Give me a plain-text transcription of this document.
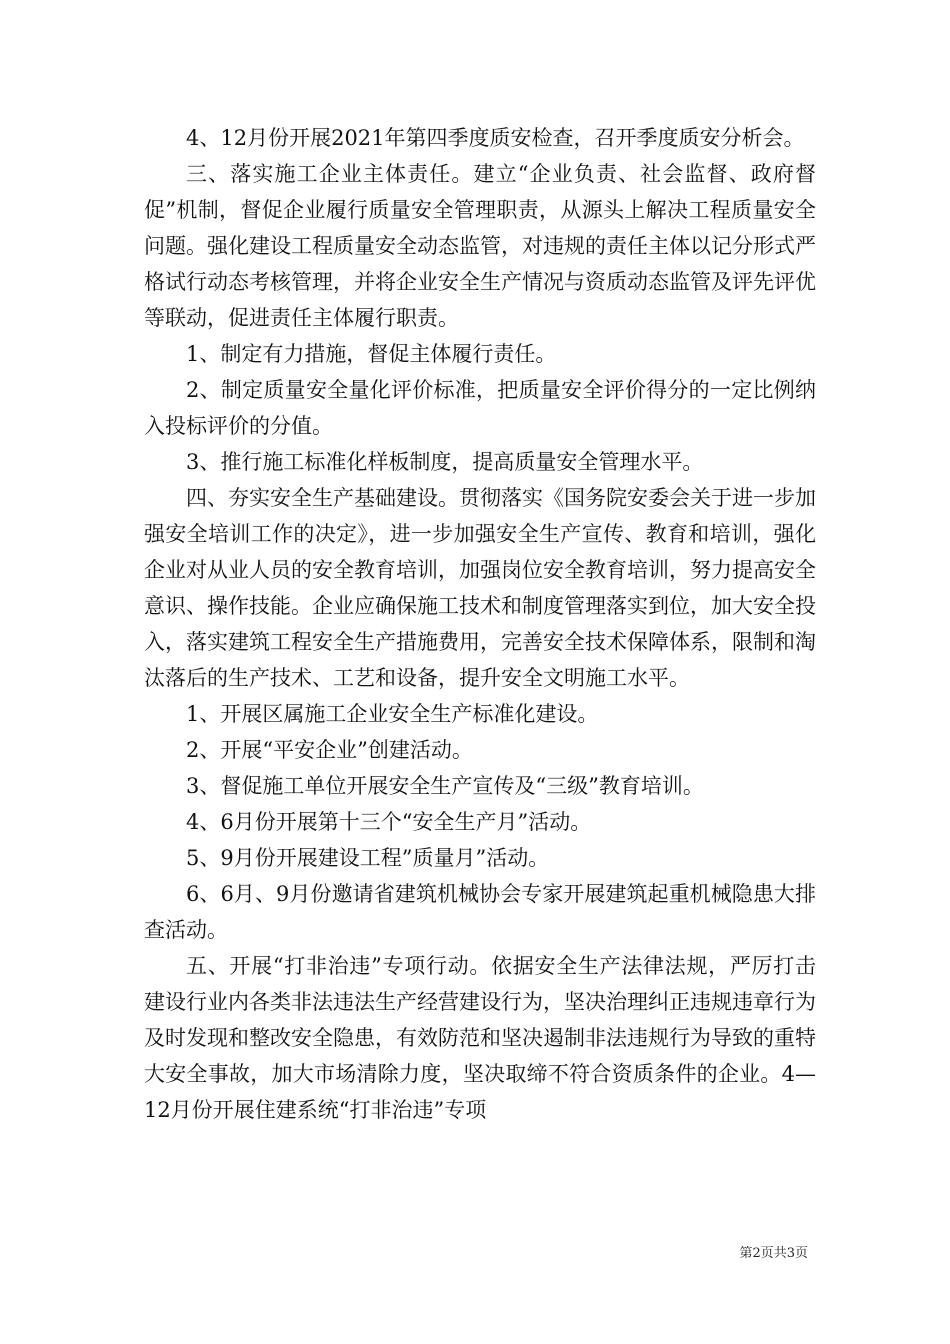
4、12月份开展2021年第四季度质安检查，召开季度质安分析会。

三、落实施工企业主体责任。建立“企业负责、社会监督、政府督促”机制，督促企业履行质量安全管理职责，从源头上解决工程质量安全问题。强化建设工程质量安全动态监管，对违规的责任主体以记分形式严格试行动态考核管理，并将企业安全生产情况与资质动态监管及评先评优等联动，促进责任主体履行职责。

1、制定有力措施，督促主体履行责任。

2、制定质量安全量化评价标准，把质量安全评价得分的一定比例纳入投标评价的分值。

3、推行施工标准化样板制度，提高质量安全管理水平。

四、夯实安全生产基础建设。贯彻落实《国务院安委会关于进一步加强安全培训工作的决定》，进一步加强安全生产宣传、教育和培训，强化企业对从业人员的安全教育培训，加强岗位安全教育培训，努力提高安全意识、操作技能。企业应确保施工技术和制度管理落实到位，加大安全投入，落实建筑工程安全生产措施费用，完善安全技术保障体系，限制和淘汰落后的生产技术、工艺和设备，提升安全文明施工水平。

1、开展区属施工企业安全生产标准化建设。

2、开展“平安企业”创建活动。

3、督促施工单位开展安全生产宣传及“三级”教育培训。

4、6月份开展第十三个“安全生产月”活动。

5、9月份开展建设工程”质量月”活动。

6、6月、9月份邀请省建筑机械协会专家开展建筑起重机械隐患大排查活动。

五、开展“打非治违”专项行动。依据安全生产法律法规，严厉打击建设行业内各类非法违法生产经营建设行为，坚决治理纠正违规违章行为及时发现和整改安全隐患，有效防范和坚决遏制非法违规行为导致的重特大安全事故，加大市场清除力度，坚决取缔不符合资质条件的企业。4—12月份开展住建系统“打非治违”专项

第2页共3页
